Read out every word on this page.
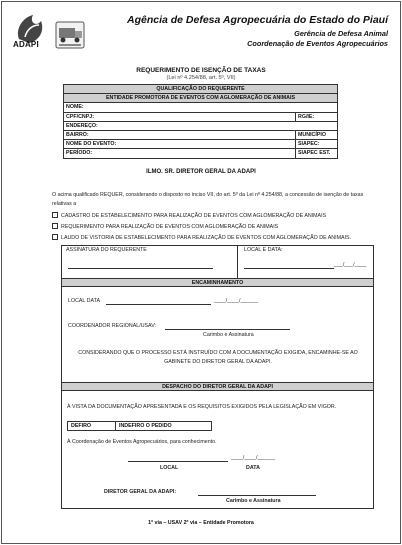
ADAPI
Agência de Defesa Agropecuária do Estado do Piauí
Gerência de Defesa Animal
Coordenação de Eventos Agropecuários
REQUERIMENTO DE ISENÇÃO DE TAXAS
(Lei nº 4.254/88, art. 5º, VII)
QUALIFICAÇÃO DO REQUERENTE	
ENTIDADE PROMOTORA DE EVENTOS COM AGLOMERAÇÃO DE ANIMAIS	
NOME:	
CPF/CNPJ:	RG/IE:
ENDEREÇO:	
BAIRRO:	MUNICÍPIO
NOME DO EVENTO:	SIAPEC:
PERÍODO:	SIAPEC EST.
ILMO. SR. DIRETOR GERAL DA ADAPI
O acima qualificado REQUER, considerando o disposto no inciso VII, do art. 5º da Lei nº 4.254/88, a concessão de isenção de taxas relativas a
CADASTRO DE ESTABELECIMENTO PARA REALIZAÇÃO DE EVENTOS COM AGLOMERAÇÃO DE ANIMAIS
REQUERIMENTO PARA REALIZAÇÃO DE EVENTOS COM AGLOMERAÇÃO DE ANIMAIS
LAUDO DE VISTORIA DE ESTABELECIMENTO PARA REALIZAÇÃO DE EVENTOS COM AGLOMERAÇÃO DE ANIMAIS.
ASSINATURA DO REQUERENTE	LOCAL E DATA:
___/___/____
ENCAMINHAMENTO
LOCAL DATA	____/____/______
COORDENADOR REGIONAL/USAV:
Carimbo e Assinatura
CONSIDERANDO QUE O PROCESSO ESTÁ INSTRUÍDO COM A DOCUMENTAÇÃO EXIGIDA, ENCAMINHE-SE AO GABINETE DO DIRETOR GERAL DA ADAPI.
DESPACHO DO DIRETOR GERAL DA ADAPI
À VISTA DA DOCUMENTAÇÃO APRESENTADA E OS REQUISITOS EXIGIDOS PELA LEGISLAÇÃO EM VIGOR.
DEFIRO	INDEFIRO O PEDIDO
À Coordenação de Eventos Agropecuários, para conhecimento.
____/____/______
LOCAL	DATA
DIRETOR GERAL DA ADAPI:
Carimbo e Assinatura
1ª via – USAV 2ª via – Entidade Promotora
